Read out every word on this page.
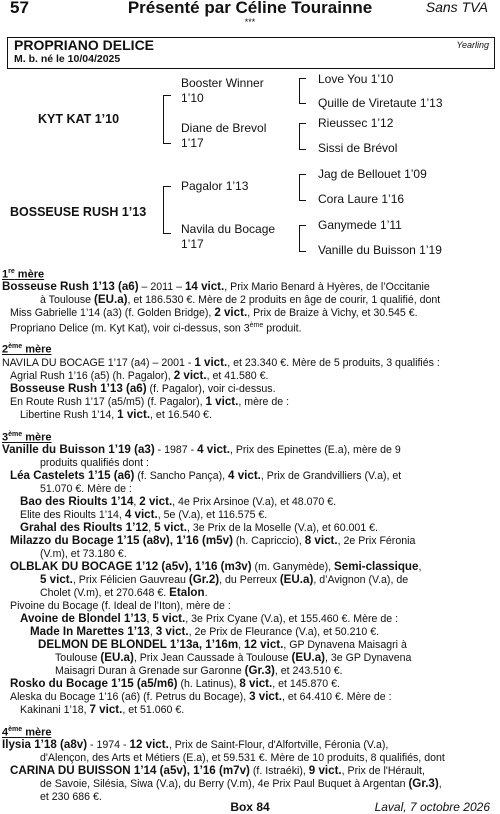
57	Présenté par Céline Tourainne	Sans TVA
***
PROPRIANO DELICE	Yearling
M. b. né le 10/04/2025
KYT KAT 1’10
BOSSEUSE RUSH 1’13
Booster Winner
1’10
Diane de Brevol
1’17
Pagalor 1’13
Navila du Bocage
1’17
Love You 1’10
Quille de Viretaute 1’13
Rieussec 1’12
Sissi de Brévol
Jag de Bellouet 1’09
Cora Laure 1’16
Ganymede 1’11
Vanille du Buisson 1’19
1re mère
Bosseuse Rush 1’13 (a6) – 2011 – 14 vict., Prix Mario Benard à Hyères, de l’Occitanie
à Toulouse (EU.a), et 186.530 €. Mère de 2 produits en âge de courir, 1 qualifié, dont
Miss Gabrielle 1’14 (a3) (f. Golden Bridge), 2 vict., Prix de Braize à Vichy, et 30.545 €.
Propriano Delice (m. Kyt Kat), voir ci-dessus, son 3ème produit.
2ème mère
NAVILA DU BOCAGE 1’17 (a4) – 2001 - 1 vict., et 23.340 €. Mère de 5 produits, 3 qualifiés :
Agrial Rush 1’16 (a5) (h. Pagalor), 2 vict., et 41.580 €.
Bosseuse Rush 1’13 (a6) (f. Pagalor), voir ci-dessus.
En Route Rush 1’17 (a5/m5) (f. Pagalor), 1 vict., mère de :
Libertine Rush 1’14, 1 vict., et 16.540 €.
3ème mère
Vanille du Buisson 1’19 (a3) - 1987 - 4 vict., Prix des Epinettes (E.a), mère de 9
produits qualifiés dont :
Léa Castelets 1’15 (a6) (f. Sancho Pança), 4 vict., Prix de Grandvilliers (V.a), et
51.070 €. Mère de :
Bao des Rioults 1’14, 2 vict., 4e Prix Arsinoe (V.a), et 48.070 €.
Elite des Rioults 1’14, 4 vict., 5e (V.a), et 116.575 €.
Grahal des Rioults 1’12, 5 vict., 3e Prix de la Moselle (V.a), et 60.001 €.
Milazzo du Bocage 1’15 (a8v), 1’16 (m5v) (h. Capriccio), 8 vict., 2e Prix Féronia
(V.m), et 73.180 €.
OLBLAK DU BOCAGE 1’12 (a5v), 1’16 (m3v) (m. Ganymède), Semi-classique,
5 vict., Prix Félicien Gauvreau (Gr.2), du Perreux (EU.a), d’Avignon (V.a), de
Cholet (V.m), et 270.648 €. Etalon.
Pivoine du Bocage (f. Ideal de l’Iton), mère de :
Avoine de Blondel 1’13, 5 vict., 3e Prix Cyane (V.a), et 155.460 €. Mère de :
Made In Marettes 1’13, 3 vict., 2e Prix de Fleurance (V.a), et 50.210 €.
DELMON DE BLONDEL 1’13a, 1’16m, 12 vict., GP Dynavena Maisagri à
Toulouse (EU.a), Prix Jean Caussade à Toulouse (EU.a), 3e GP Dynavena
Maisagri Duran à Grenade sur Garonne (Gr.3), et 243.510 €.
Rosko du Bocage 1’15 (a5/m6) (h. Latinus), 8 vict., et 145.870 €.
Aleska du Bocage 1’16 (a6) (f. Petrus du Bocage), 3 vict., et 64.410 €. Mère de :
Kakinani 1’18, 7 vict., et 51.060 €.
4ème mère
Ilysia 1’18 (a8v) - 1974 - 12 vict., Prix de Saint-Flour, d'Alfortville, Féronia (V.a),
d'Alençon, des Arts et Métiers (E.a), et 59.531 €. Mère de 10 produits, 8 qualifiés, dont
CARINA DU BUISSON 1’14 (a5v), 1’16 (m7v) (f. Istraéki), 9 vict., Prix de l'Hérault,
de Savoie, Silésia, Siwa (V.a), du Berry (V.m), 4e Prix Paul Buquet à Argentan (Gr.3),
et 230 686 €.
Box 84	Laval, 7 octobre 2026
